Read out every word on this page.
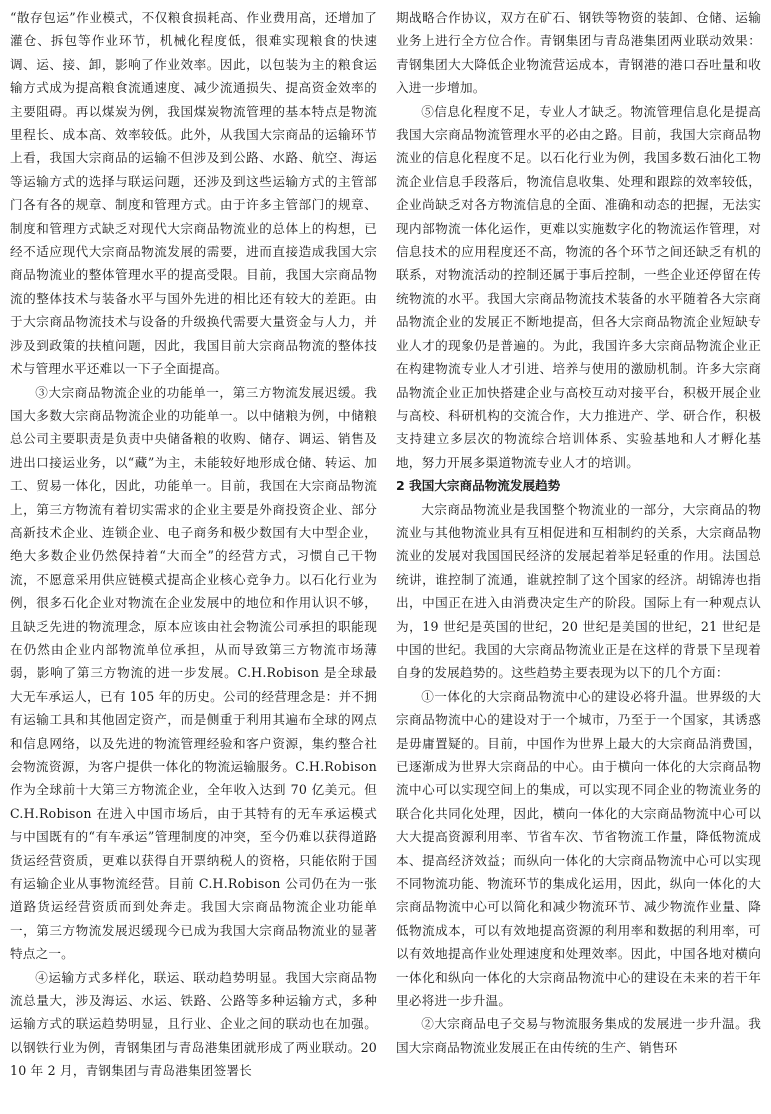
“散存包运”作业模式，不仅粮食损耗高、作业费用高，还增加了灌仓、拆包等作业环节，机械化程度低，很难实现粮食的快速调、运、接、卸，影响了作业效率。因此，以包装为主的粮食运输方式成为提高粮食流通速度、减少流通损失、提高资金效率的主要阻碍。再以煤炭为例，我国煤炭物流管理的基本特点是物流里程长、成本高、效率较低。此外，从我国大宗商品的运输环节上看，我国大宗商品的运输不但涉及到公路、水路、航空、海运等运输方式的选择与联运问题，还涉及到这些运输方式的主管部门各有各的规章、制度和管理方式。由于许多主管部门的规章、制度和管理方式缺乏对现代大宗商品物流业的总体上的构想，已经不适应现代大宗商品物流发展的需要，进而直接造成我国大宗商品物流业的整体管理水平的提高受限。目前，我国大宗商品物流的整体技术与装备水平与国外先进的相比还有较大的差距。由于大宗商品物流技术与设备的升级换代需要大量资金与人力，并涉及到政策的扶植问题，因此，我国目前大宗商品物流的整体技术与管理水平还难以一下子全面提高。

③大宗商品物流企业的功能单一，第三方物流发展迟缓。我国大多数大宗商品物流企业的功能单一。以中储粮为例，中储粮总公司主要职责是负责中央储备粮的收购、储存、调运、销售及进出口接运业务，以“藏”为主，未能较好地形成仓储、转运、加工、贸易一体化，因此，功能单一。目前，我国在大宗商品物流上，第三方物流有着切实需求的企业主要是外商投资企业、部分高新技术企业、连锁企业、电子商务和极少数国有大中型企业，绝大多数企业仍然保持着“大而全”的经营方式，习惯自己干物流，不愿意采用供应链模式提高企业核心竞争力。以石化行业为例，很多石化企业对物流在企业发展中的地位和作用认识不够，且缺乏先进的物流理念，原本应该由社会物流公司承担的职能现在仍然由企业内部物流单位承担，从而导致第三方物流市场薄弱，影响了第三方物流的进一步发展。C.H.Robison 是全球最大无车承运人，已有 105 年的历史。公司的经营理念是：并不拥有运输工具和其他固定资产，而是侧重于利用其遍布全球的网点和信息网络，以及先进的物流管理经验和客户资源，集约整合社会物流资源，为客户提供一体化的物流运输服务。C.H.Robison 作为全球前十大第三方物流企业，全年收入达到 70 亿美元。但 C.H.Robison 在进入中国市场后，由于其特有的无车承运模式与中国既有的“有车承运”管理制度的冲突，至今仍难以获得道路货运经营资质，更难以获得自开票纳税人的资格，只能依附于国有运输企业从事物流经营。目前 C.H.Robison 公司仍在为一张道路货运经营资质而到处奔走。我国大宗商品物流企业功能单一，第三方物流发展迟缓现今已成为我国大宗商品物流业的显著特点之一。

④运输方式多样化，联运、联动趋势明显。我国大宗商品物流总量大，涉及海运、水运、铁路、公路等多种运输方式，多种运输方式的联运趋势明显，且行业、企业之间的联动也在加强。以钢铁行业为例，青钢集团与青岛港集团就形成了两业联动。2010 年 2 月，青钢集团与青岛港集团签署长

期战略合作协议，双方在矿石、钢铁等物资的装卸、仓储、运输业务上进行全方位合作。青钢集团与青岛港集团两业联动效果：青钢集团大大降低企业物流营运成本，青钢港的港口吞吐量和收入进一步增加。

⑤信息化程度不足，专业人才缺乏。物流管理信息化是提高我国大宗商品物流管理水平的必由之路。目前，我国大宗商品物流业的信息化程度不足。以石化行业为例，我国多数石油化工物流企业信息手段落后，物流信息收集、处理和跟踪的效率较低，企业尚缺乏对各方物流信息的全面、准确和动态的把握，无法实现内部物流一体化运作，更难以实施数字化的物流运作管理，对信息技术的应用程度还不高，物流的各个环节之间还缺乏有机的联系，对物流活动的控制还属于事后控制，一些企业还停留在传统物流的水平。我国大宗商品物流技术装备的水平随着各大宗商品物流企业的发展正不断地提高，但各大宗商品物流企业短缺专业人才的现象仍是普遍的。为此，我国许多大宗商品物流企业正在构建物流专业人才引进、培养与使用的激励机制。许多大宗商品物流企业正加快搭建企业与高校互动对接平台，积极开展企业与高校、科研机构的交流合作，大力推进产、学、研合作，积极支持建立多层次的物流综合培训体系、实验基地和人才孵化基地，努力开展多渠道物流专业人才的培训。

2 我国大宗商品物流发展趋势

大宗商品物流业是我国整个物流业的一部分，大宗商品的物流业与其他物流业具有互相促进和互相制约的关系，大宗商品物流业的发展对我国国民经济的发展起着举足轻重的作用。法国总统讲，谁控制了流通，谁就控制了这个国家的经济。胡锦涛也指出，中国正在进入由消费决定生产的阶段。国际上有一种观点认为，19 世纪是英国的世纪，20 世纪是美国的世纪，21 世纪是中国的世纪。我国的大宗商品物流业正是在这样的背景下呈现着自身的发展趋势的。这些趋势主要表现为以下的几个方面：

①一体化的大宗商品物流中心的建设必将升温。世界级的大宗商品物流中心的建设对于一个城市，乃至于一个国家，其诱惑是毋庸置疑的。目前，中国作为世界上最大的大宗商品消费国，已逐渐成为世界大宗商品的中心。由于横向一体化的大宗商品物流中心可以实现空间上的集成，可以实现不同企业的物流业务的联合化共同化处理，因此，横向一体化的大宗商品物流中心可以大大提高资源利用率、节省车次、节省物流工作量，降低物流成本、提高经济效益；而纵向一体化的大宗商品物流中心可以实现不同物流功能、物流环节的集成化运用，因此，纵向一体化的大宗商品物流中心可以简化和减少物流环节、减少物流作业量、降低物流成本，可以有效地提高资源的利用率和数据的利用率，可以有效地提高作业处理速度和处理效率。因此，中国各地对横向一体化和纵向一体化的大宗商品物流中心的建设在未来的若干年里必将进一步升温。

②大宗商品电子交易与物流服务集成的发展进一步升温。我国大宗商品物流业发展正在由传统的生产、销售环
